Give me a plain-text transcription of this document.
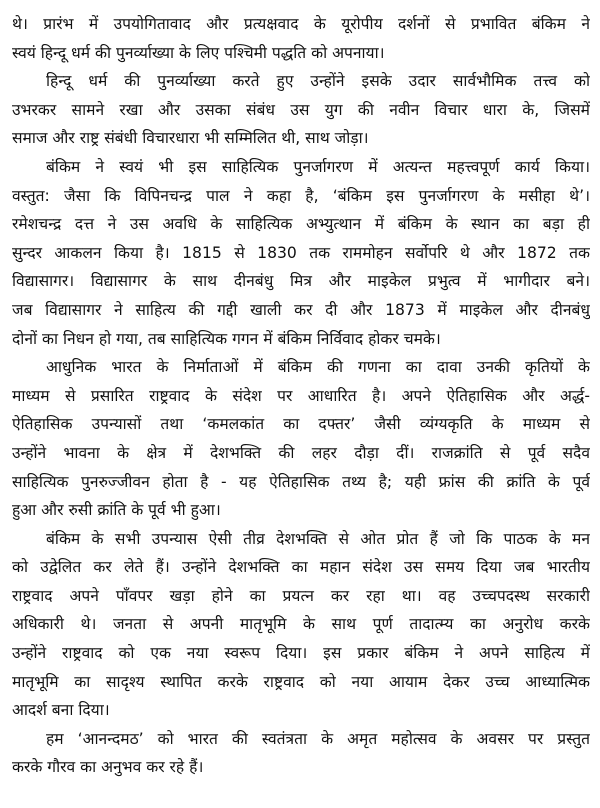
थे। प्रारंभ में उपयोगितावाद और प्रत्यक्षवाद के यूरोपीय दर्शनों से प्रभावित बंकिम ने
स्वयं हिन्दू धर्म की पुनर्व्याख्या के लिए पश्चिमी पद्धति को अपनाया।
हिन्दू धर्म की पुनर्व्याख्या करते हुए उन्होंने इसके उदार सार्वभौमिक तत्त्व को
उभरकर सामने रखा और उसका संबंध उस युग की नवीन विचार धारा के, जिसमें
समाज और राष्ट्र संबंधी विचारधारा भी सम्मिलित थी, साथ जोड़ा।
बंकिम ने स्वयं भी इस साहित्यिक पुनर्जागरण में अत्यन्त महत्त्वपूर्ण कार्य किया।
वस्तुत: जैसा कि विपिनचन्द्र पाल ने कहा है, ‘बंकिम इस पुनर्जागरण के मसीहा थे’।
रमेशचन्द्र दत्त ने उस अवधि के साहित्यिक अभ्युत्थान में बंकिम के स्थान का बड़ा ही
सुन्दर आकलन किया है। 1815 से 1830 तक राममोहन सर्वोपरि थे और 1872 तक
विद्यासागर। विद्यासागर के साथ दीनबंधु मित्र और माइकेल प्रभुत्व में भागीदार बने।
जब विद्यासागर ने साहित्य की गद्दी खाली कर दी और 1873 में माइकेल और दीनबंधु
दोनों का निधन हो गया, तब साहित्यिक गगन में बंकिम निर्विवाद होकर चमके।
आधुनिक भारत के निर्माताओं में बंकिम की गणना का दावा उनकी कृतियों के
माध्यम से प्रसारित राष्ट्रवाद के संदेश पर आधारित है। अपने ऐतिहासिक और अर्द्ध-
ऐतिहासिक उपन्यासों तथा ‘कमलकांत का दफ्तर’ जैसी व्यंग्यकृति के माध्यम से
उन्होंने भावना के क्षेत्र में देशभक्ति की लहर दौड़ा दीं। राजक्रांति से पूर्व सदैव
साहित्यिक पुनरुज्जीवन होता है - यह ऐतिहासिक तथ्य है; यही फ्रांस की क्रांति के पूर्व
हुआ और रुसी क्रांति के पूर्व भी हुआ।
बंकिम के सभी उपन्यास ऐसी तीव्र देशभक्ति से ओत प्रोत हैं जो कि पाठक के मन
को उद्वेलित कर लेते हैं। उन्होंने देशभक्ति का महान संदेश उस समय दिया जब भारतीय
राष्ट्रवाद अपने पाँवपर खड़ा होने का प्रयत्न कर रहा था। वह उच्चपदस्थ सरकारी
अधिकारी थे। जनता से अपनी मातृभूमि के साथ पूर्ण तादात्म्य का अनुरोध करके
उन्होंने राष्ट्रवाद को एक नया स्वरूप दिया। इस प्रकार बंकिम ने अपने साहित्य में
मातृभूमि का सादृश्य स्थापित करके राष्ट्रवाद को नया आयाम देकर उच्च आध्यात्मिक
आदर्श बना दिया।
हम ‘आनन्दमठ’ को भारत की स्वतंत्रता के अमृत महोत्सव के अवसर पर प्रस्तुत
करके गौरव का अनुभव कर रहे हैं।
